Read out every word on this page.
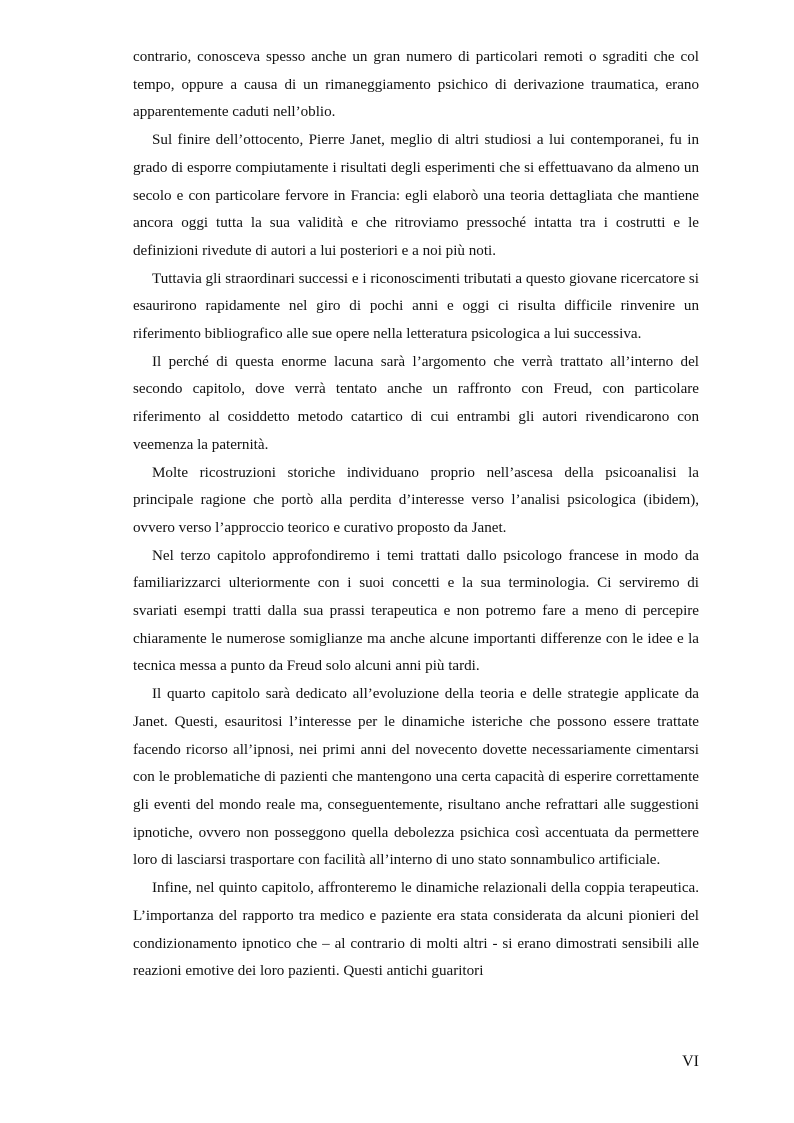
contrario, conosceva spesso anche un gran numero di particolari remoti o sgraditi che col tempo, oppure a causa di un rimaneggiamento psichico di derivazione traumatica, erano apparentemente caduti nell’oblio.

Sul finire dell’ottocento, Pierre Janet, meglio di altri studiosi a lui contemporanei, fu in grado di esporre compiutamente i risultati degli esperimenti che si effettuavano da almeno un secolo e con particolare fervore in Francia: egli elaborò una teoria dettagliata che mantiene ancora oggi tutta la sua validità e che ritroviamo pressoché intatta tra i costrutti e le definizioni rivedute di autori a lui posteriori e a noi più noti.

Tuttavia gli straordinari successi e i riconoscimenti tributati a questo giovane ricercatore si esaurirono rapidamente nel giro di pochi anni e oggi ci risulta difficile rinvenire un riferimento bibliografico alle sue opere nella letteratura psicologica a lui successiva.

Il perché di questa enorme lacuna sarà l’argomento che verrà trattato all’interno del secondo capitolo, dove verrà tentato anche un raffronto con Freud, con particolare riferimento al cosiddetto metodo catartico di cui entrambi gli autori rivendicarono con veemenza la paternità.

Molte ricostruzioni storiche individuano proprio nell’ascesa della psicoanalisi la principale ragione che portò alla perdita d’interesse verso l’analisi psicologica (ibidem), ovvero verso l’approccio teorico e curativo proposto da Janet.

Nel terzo capitolo approfondiremo i temi trattati dallo psicologo francese in modo da familiarizzarci ulteriormente con i suoi concetti e la sua terminologia. Ci serviremo di svariati esempi tratti dalla sua prassi terapeutica e non potremo fare a meno di percepire chiaramente le numerose somiglianze ma anche alcune importanti differenze con le idee e la tecnica messa a punto da Freud solo alcuni anni più tardi.

Il quarto capitolo sarà dedicato all’evoluzione della teoria e delle strategie applicate da Janet. Questi, esauritosi l’interesse per le dinamiche isteriche che possono essere trattate facendo ricorso all’ipnosi, nei primi anni del novecento dovette necessariamente cimentarsi con le problematiche di pazienti che mantengono una certa capacità di esperire correttamente gli eventi del mondo reale ma, conseguentemente, risultano anche refrattari alle suggestioni ipnotiche, ovvero non posseggono quella debolezza psichica così accentuata da permettere loro di lasciarsi trasportare con facilità all’interno di uno stato sonnambulico artificiale.

Infine, nel quinto capitolo, affronteremo le dinamiche relazionali della coppia terapeutica. L’importanza del rapporto tra medico e paziente era stata considerata da alcuni pionieri del condizionamento ipnotico che – al contrario di molti altri - si erano dimostrati sensibili alle reazioni emotive dei loro pazienti. Questi antichi guaritori

VI
